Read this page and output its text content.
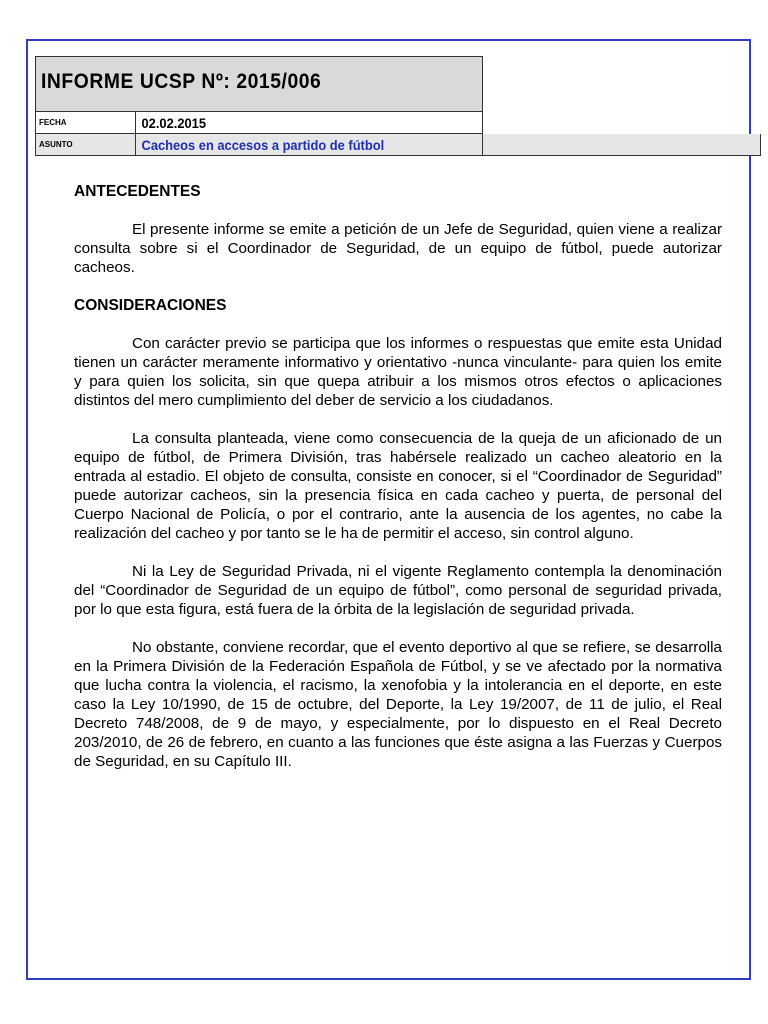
INFORME UCSP Nº: 2015/006
FECHA	02.02.2015
ASUNTO	Cacheos en accesos a partido de fútbol
ANTECEDENTES

El presente informe se emite a petición de un Jefe de Seguridad, quien viene a realizar consulta sobre si el Coordinador de Seguridad, de un equipo de fútbol, puede autorizar cacheos.

CONSIDERACIONES

Con carácter previo se participa que los informes o respuestas que emite esta Unidad tienen un carácter meramente informativo y orientativo -nunca vinculante- para quien los emite y para quien los solicita, sin que quepa atribuir a los mismos otros efectos o aplicaciones distintos del mero cumplimiento del deber de servicio a los ciudadanos.

La consulta planteada, viene como consecuencia de la queja de un aficionado de un equipo de fútbol, de Primera División, tras habérsele realizado un cacheo aleatorio en la entrada al estadio. El objeto de consulta, consiste en conocer, si el “Coordinador de Seguridad” puede autorizar cacheos, sin la presencia física en cada cacheo y puerta, de personal del Cuerpo Nacional de Policía, o por el contrario, ante la ausencia de los agentes, no cabe la realización del cacheo y por tanto se le ha de permitir el acceso, sin control alguno.

Ni la Ley de Seguridad Privada, ni el vigente Reglamento contempla la denominación del “Coordinador de Seguridad de un equipo de fútbol”, como personal de seguridad privada, por lo que esta figura, está fuera de la órbita de la legislación de seguridad privada.

No obstante, conviene recordar, que el evento deportivo al que se refiere, se desarrolla en la Primera División de la Federación Española de Fútbol, y se ve afectado por la normativa que lucha contra la violencia, el racismo, la xenofobia y la intolerancia en el deporte, en este caso la Ley 10/1990, de 15 de octubre, del Deporte, la Ley 19/2007, de 11 de julio, el Real Decreto 748/2008, de 9 de mayo, y especialmente, por lo dispuesto en el Real Decreto 203/2010, de 26 de febrero, en cuanto a las funciones que éste asigna a las Fuerzas y Cuerpos de Seguridad, en su Capítulo III.
